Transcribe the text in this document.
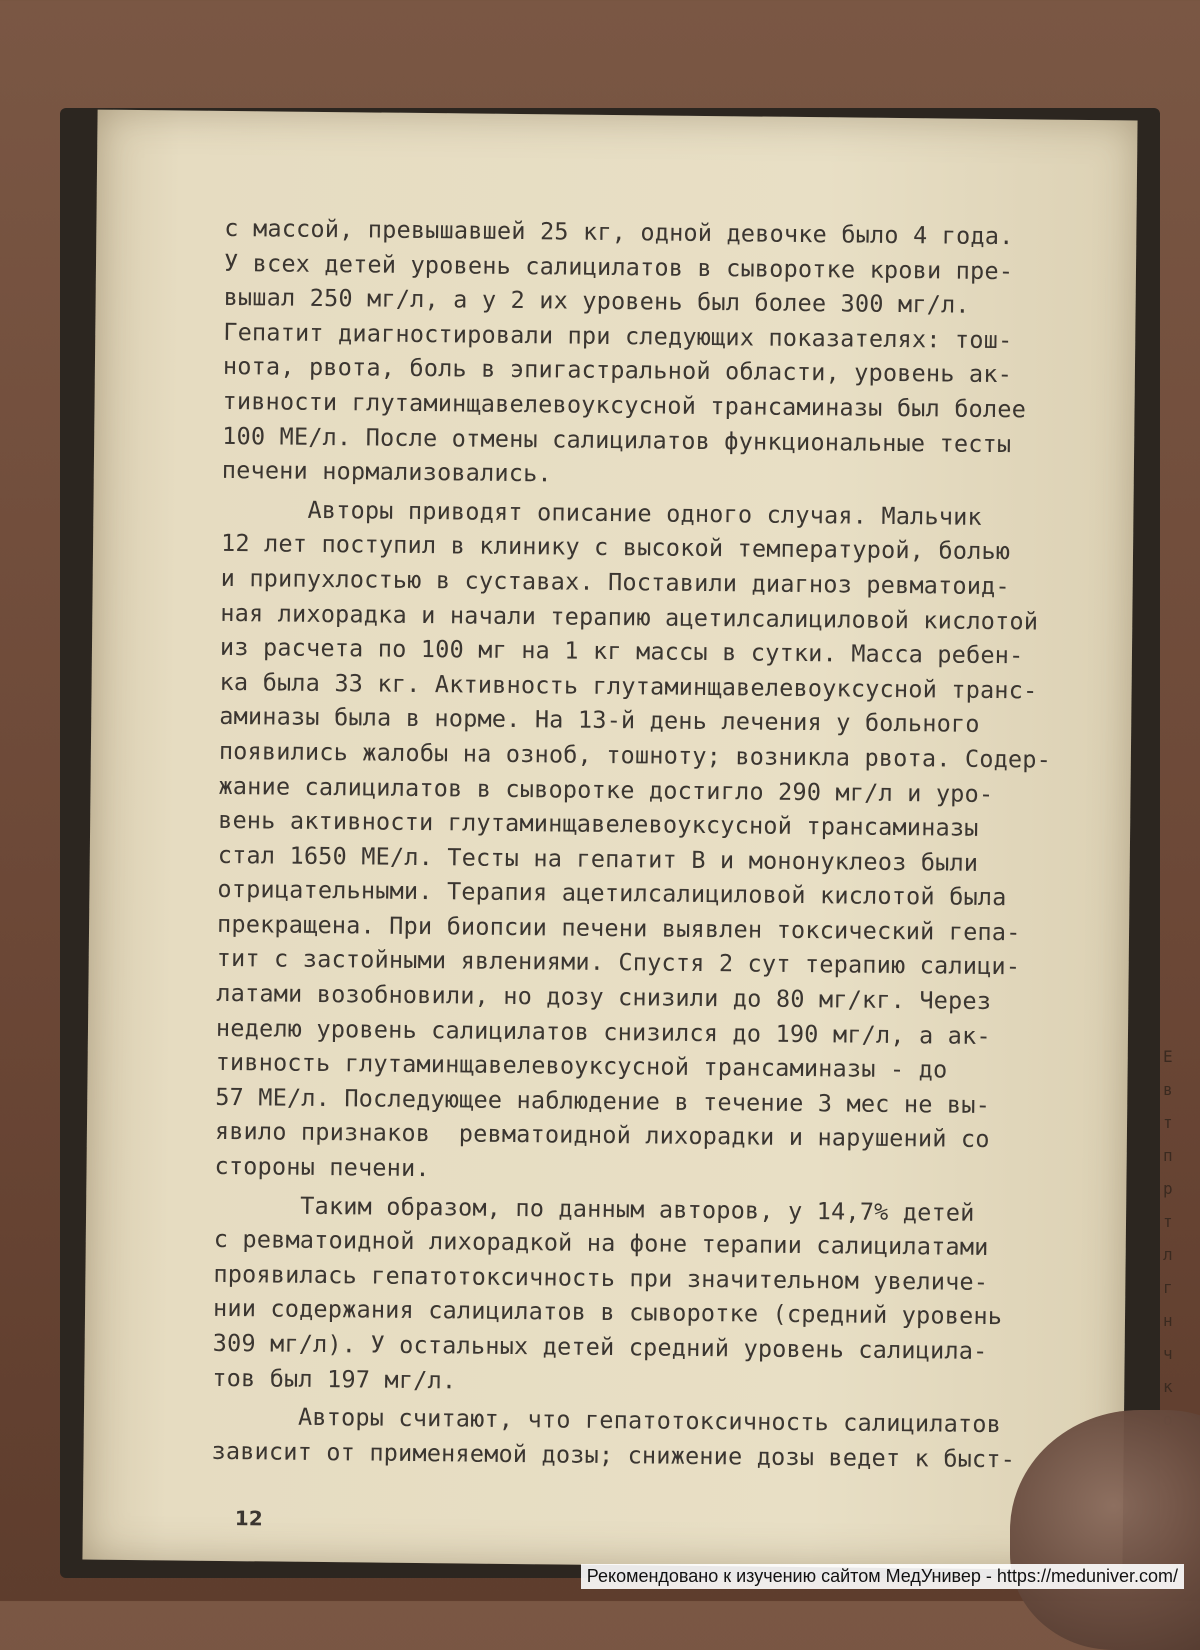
с массой, превышавшей 25 кг, одной девочке было 4 года.
У всех детей уровень салицилатов в сыворотке крови пре-
вышал 250 мг/л, а у 2 их уровень был более 300 мг/л.
Гепатит диагностировали при следующих показателях: тош-
нота, рвота, боль в эпигастральной области, уровень ак-
тивности глутаминщавелевоуксусной трансаминазы был более
100 МЕ/л. После отмены салицилатов функциональные тесты
печени нормализовались.
Авторы приводят описание одного случая. Мальчик
12 лет поступил в клинику с высокой температурой, болью
и припухлостью в суставах. Поставили диагноз ревматоид-
ная лихорадка и начали терапию ацетилсалициловой кислотой
из расчета по 100 мг на 1 кг массы в сутки. Масса ребен-
ка была 33 кг. Активность глутаминщавелевоуксусной транс-
аминазы была в норме. На 13-й день лечения у больного
появились жалобы на озноб, тошноту; возникла рвота. Содер-
жание салицилатов в сыворотке достигло 290 мг/л и уро-
вень активности глутаминщавелевоуксусной трансаминазы
стал 1650 МЕ/л. Тесты на гепатит В и мононуклеоз были
отрицательными. Терапия ацетилсалициловой кислотой была
прекращена. При биопсии печени выявлен токсический гепа-
тит с застойными явлениями. Спустя 2 сут терапию салици-
латами возобновили, но дозу снизили до 80 мг/кг. Через
неделю уровень салицилатов снизился до 190 мг/л, а ак-
тивность глутаминщавелевоуксусной трансаминазы - до
57 МЕ/л. Последующее наблюдение в течение 3 мес не вы-
явило признаков  ревматоидной лихорадки и нарушений со
стороны печени.
Таким образом, по данным авторов, у 14,7% детей
с ревматоидной лихорадкой на фоне терапии салицилатами
проявилась гепатотоксичность при значительном увеличе-
нии содержания салицилатов в сыворотке (средний уровень
309 мг/л). У остальных детей средний уровень салицила-
тов был 197 мг/л.
Авторы считают, что гепатотоксичность салицилатов
зависит от применяемой дозы; снижение дозы ведет к быст-
12
Е
в
т
п
р
т
л
г
н
ч
к
Рекомендовано к изучению сайтом МедУнивер - https://meduniver.com/
